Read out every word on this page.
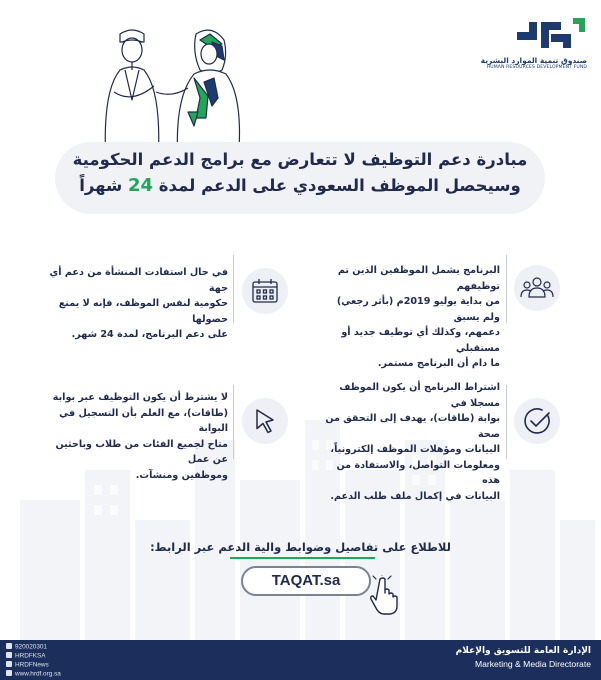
صندوق تنمية الموارد البشرية
HUMAN RESOURCES DEVELOPMENT FUND
مبادرة دعم التوظيف لا تتعارض مع برامج الدعم الحكومية
وسيحصل الموظف السعودي على الدعم لمدة 24 شهراً
البرنامج يشمل الموظفين الذين تم توظيفهم
من بداية يوليو 2019م (بأثر رجعي) ولم يسبق
دعمهم، وكذلك أي توظيف جديد أو مستقبلي
ما دام أن البرنامج مستمر.
في حال استفادت المنشأة من دعم أي جهة
حكومية لنفس الموظف، فإنه لا يمنع حصولها
على دعم البرنامج، لمدة 24 شهر.
اشتراط البرنامج أن يكون الموظف مسجلا في
بوابة (طاقات)، يهدف إلى التحقق من صحة
البيانات ومؤهلات الموظف إلكترونياً،
ومعلومات التواصل، والاستفادة من هذه
البيانات في إكمال ملف طلب الدعم.
لا يشترط أن يكون التوظيف عبر بوابة
(طاقات)، مع العلم بأن التسجيل في البوابة
متاح لجميع الفئات من طلاب وباحثين عن عمل
وموظفين ومنشآت.
للاطلاع على تفاصيل وضوابط والية الدعم عبر الرابط:
TAQAT.sa
920020301
HRDFKSA
HRDFNews
www.hrdf.org.sa
الإدارة العامة للتسويق والإعلام
Marketing & Media Directorate
